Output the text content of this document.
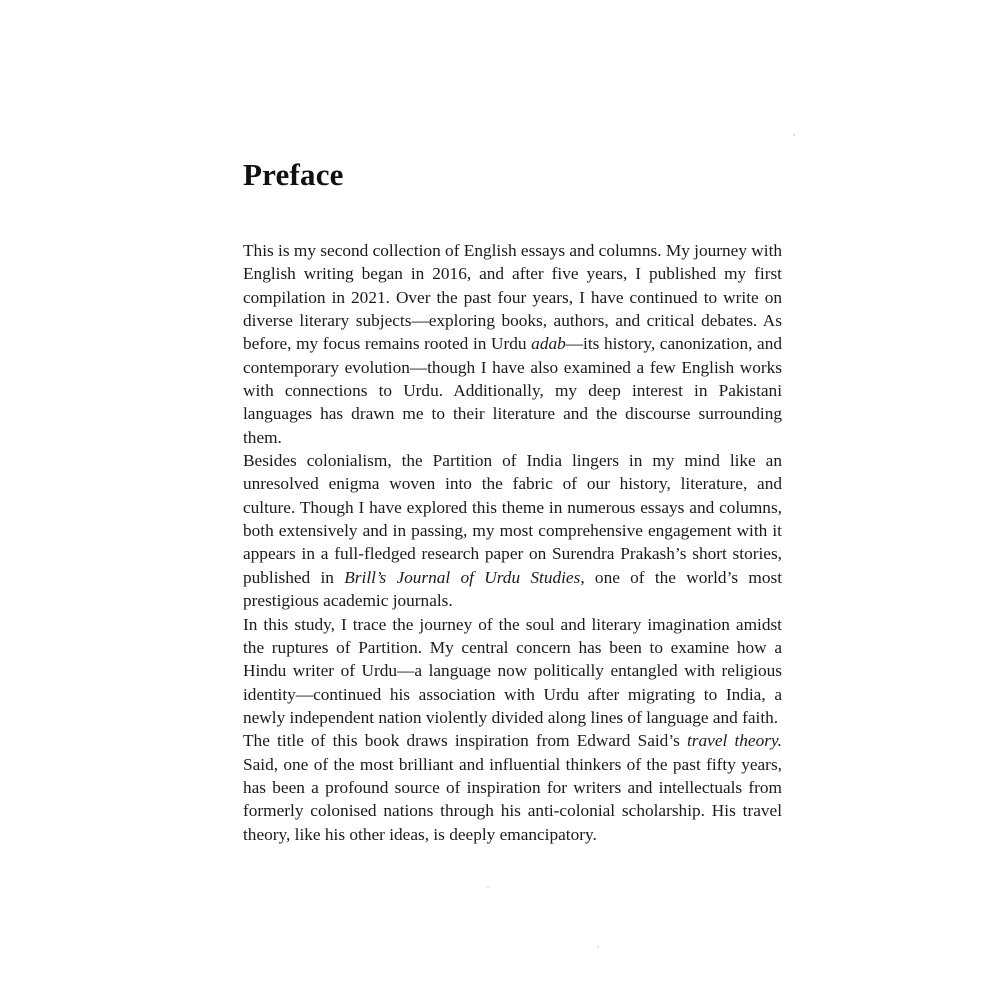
Preface

This is my second collection of English essays and columns. My journey with English writing began in 2016, and after five years, I published my first compilation in 2021. Over the past four years, I have continued to write on diverse literary subjects—exploring books, authors, and critical debates. As before, my focus remains rooted in Urdu adab—its history, canonization, and contemporary evolution—though I have also examined a few English works with connections to Urdu. Additionally, my deep interest in Pakistani languages has drawn me to their literature and the discourse surrounding them.

Besides colonialism, the Partition of India lingers in my mind like an unresolved enigma woven into the fabric of our history, literature, and culture. Though I have explored this theme in numerous essays and columns, both extensively and in passing, my most comprehensive engagement with it appears in a full-fledged research paper on Surendra Prakash’s short stories, published in Brill’s Journal of Urdu Studies, one of the world’s most prestigious academic journals.

In this study, I trace the journey of the soul and literary imagination amidst the ruptures of Partition. My central concern has been to examine how a Hindu writer of Urdu—a language now politically entangled with religious identity—continued his association with Urdu after migrating to India, a newly independent nation violently divided along lines of language and faith.

The title of this book draws inspiration from Edward Said’s travel theory. Said, one of the most brilliant and influential thinkers of the past fifty years, has been a profound source of inspiration for writers and intellectuals from formerly colonised nations through his anti-colonial scholarship. His travel theory, like his other ideas, is deeply emancipatory.
